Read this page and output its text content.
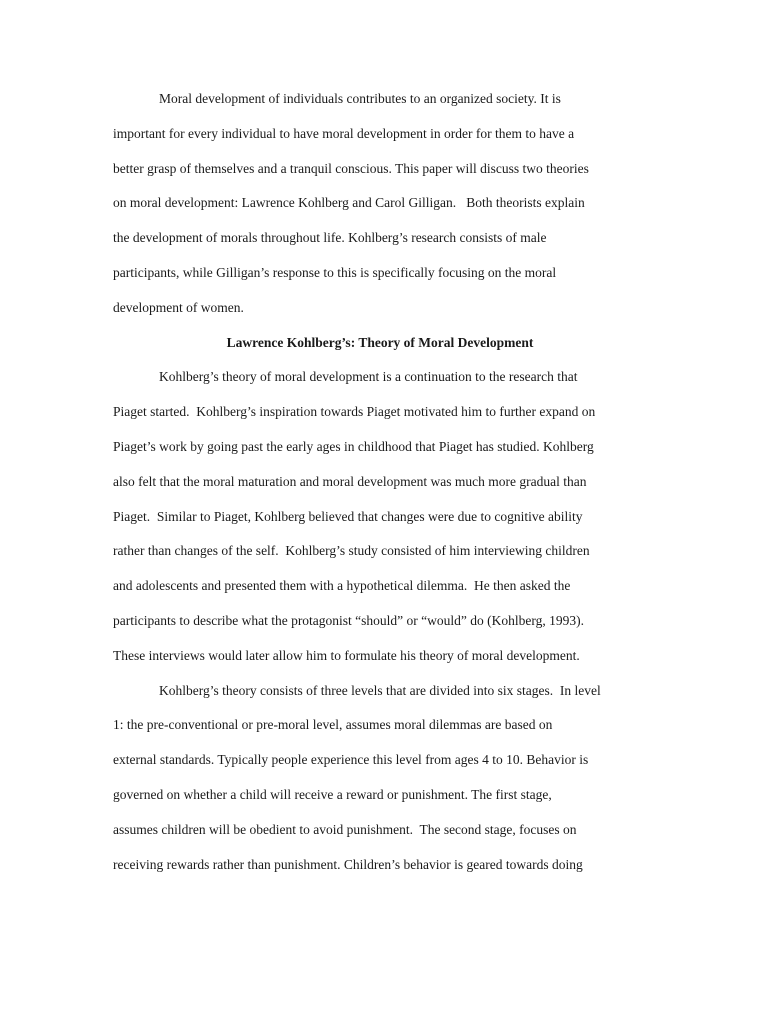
Moral development of individuals contributes to an organized society. It is
important for every individual to have moral development in order for them to have a
better grasp of themselves and a tranquil conscious. This paper will discuss two theories
on moral development: Lawrence Kohlberg and Carol Gilligan.   Both theorists explain
the development of morals throughout life. Kohlberg’s research consists of male
participants, while Gilligan’s response to this is specifically focusing on the moral
development of women.
Lawrence Kohlberg’s: Theory of Moral Development
Kohlberg’s theory of moral development is a continuation to the research that
Piaget started.  Kohlberg’s inspiration towards Piaget motivated him to further expand on
Piaget’s work by going past the early ages in childhood that Piaget has studied. Kohlberg
also felt that the moral maturation and moral development was much more gradual than
Piaget.  Similar to Piaget, Kohlberg believed that changes were due to cognitive ability
rather than changes of the self.  Kohlberg’s study consisted of him interviewing children
and adolescents and presented them with a hypothetical dilemma.  He then asked the
participants to describe what the protagonist “should” or “would” do (Kohlberg, 1993).
These interviews would later allow him to formulate his theory of moral development.
Kohlberg’s theory consists of three levels that are divided into six stages.  In level
1: the pre-conventional or pre-moral level, assumes moral dilemmas are based on
external standards. Typically people experience this level from ages 4 to 10. Behavior is
governed on whether a child will receive a reward or punishment. The first stage,
assumes children will be obedient to avoid punishment.  The second stage, focuses on
receiving rewards rather than punishment. Children’s behavior is geared towards doing
